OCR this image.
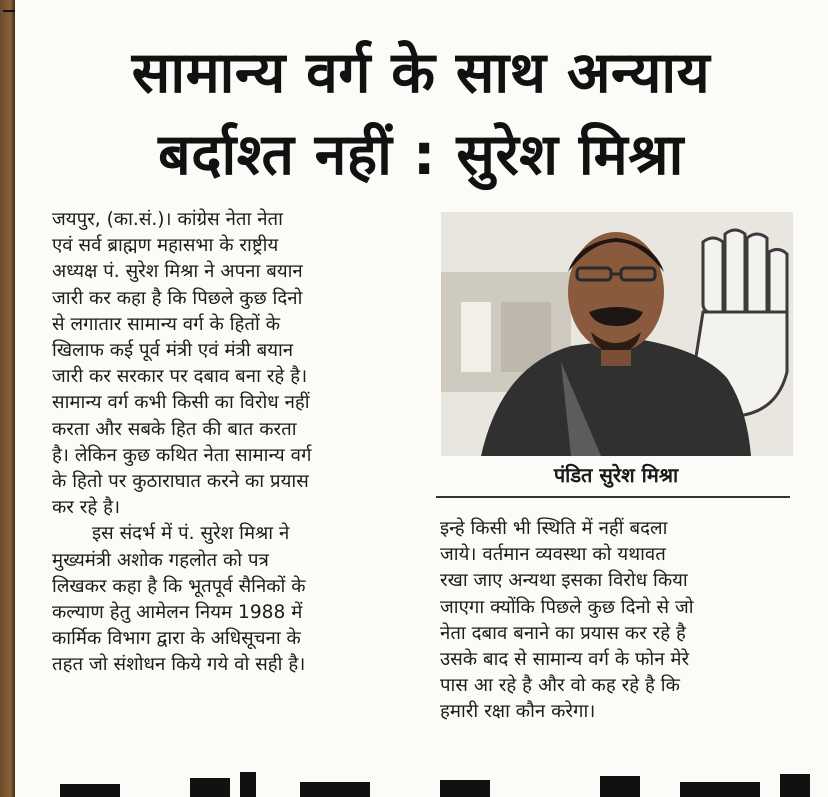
सामान्य वर्ग के साथ अन्याय
बर्दाश्त नहीं : सुरेश मिश्रा
जयपुर, (का.सं.)। कांग्रेस नेता नेता
एवं सर्व ब्राह्मण महासभा के राष्ट्रीय
अध्यक्ष पं. सुरेश मिश्रा ने अपना बयान
जारी कर कहा है कि पिछले कुछ दिनो
से लगातार सामान्य वर्ग के हितों के
खिलाफ कई पूर्व मंत्री एवं मंत्री बयान
जारी कर सरकार पर दबाव बना रहे है।
सामान्य वर्ग कभी किसी का विरोध नहीं
करता और सबके हित की बात करता
है। लेकिन कुछ कथित नेता सामान्य वर्ग
के हितो पर कुठाराघात करने का प्रयास
कर रहे है।
इस संदर्भ में पं. सुरेश मिश्रा ने
मुख्यमंत्री अशोक गहलोत को पत्र
लिखकर कहा है कि भूतपूर्व सैनिकों के
कल्याण हेतु आमेलन नियम 1988 में
कार्मिक विभाग द्वारा के अधिसूचना के
तहत जो संशोधन किये गये वो सही है।
पंडित सुरेश मिश्रा
इन्हे किसी भी स्थिति में नहीं बदला
जाये। वर्तमान व्यवस्था को यथावत
रखा जाए अन्यथा इसका विरोध किया
जाएगा क्योंकि पिछले कुछ दिनो से जो
नेता दबाव बनाने का प्रयास कर रहे है
उसके बाद से सामान्य वर्ग के फोन मेरे
पास आ रहे है और वो कह रहे है कि
हमारी रक्षा कौन करेगा।
